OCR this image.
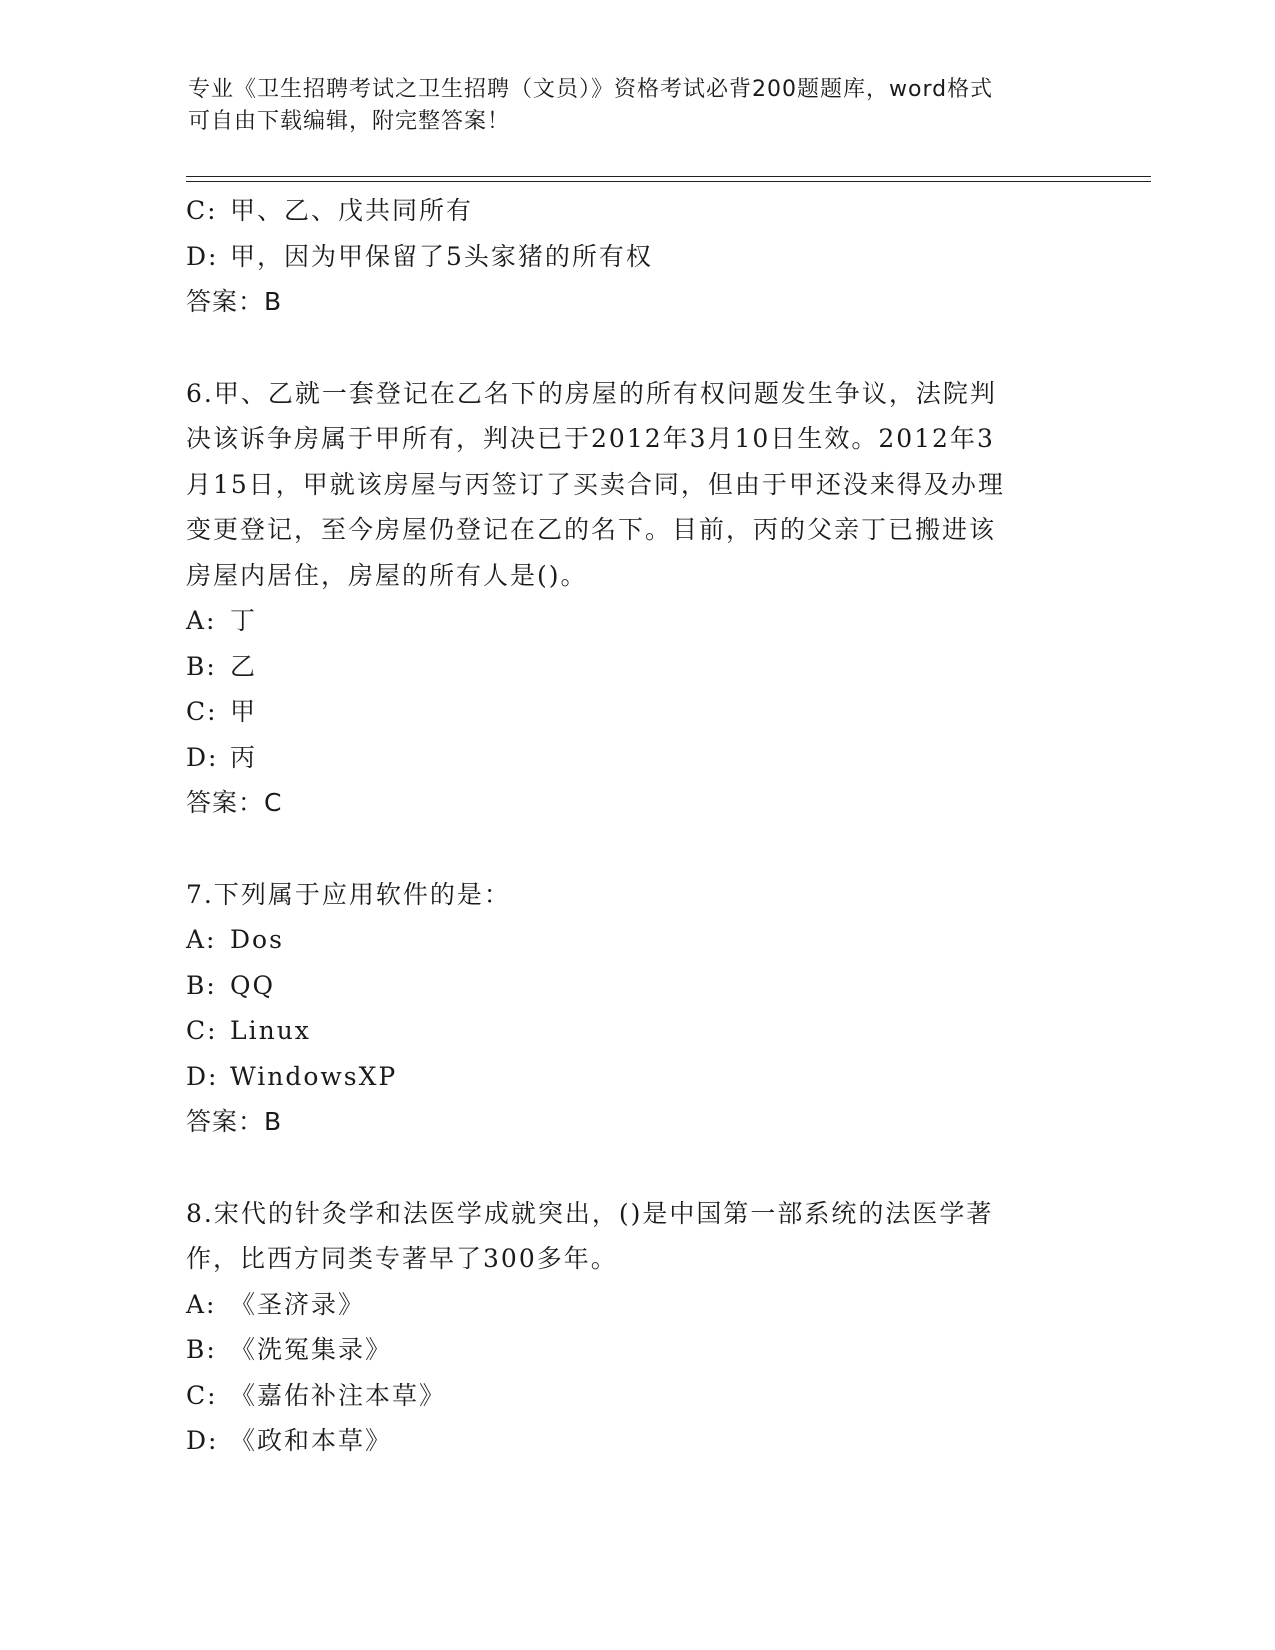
专业《卫生招聘考试之卫生招聘（文员）》资格考试必背200题题库，word格式
可自由下载编辑，附完整答案！
C: 甲、乙、戊共同所有
D: 甲，因为甲保留了5头家猪的所有权
答案：B
6.甲、乙就一套登记在乙名下的房屋的所有权问题发生争议，法院判
决该诉争房属于甲所有，判决已于2012年3月10日生效。2012年3
月15日，甲就该房屋与丙签订了买卖合同，但由于甲还没来得及办理
变更登记，至今房屋仍登记在乙的名下。目前，丙的父亲丁已搬进该
房屋内居住，房屋的所有人是()。
A: 丁
B: 乙
C: 甲
D: 丙
答案：C
7.下列属于应用软件的是：
A: Dos
B: QQ
C: Linux
D: WindowsXP
答案：B
8.宋代的针灸学和法医学成就突出，()是中国第一部系统的法医学著
作，比西方同类专著早了300多年。
A: 《圣济录》
B: 《洗冤集录》
C: 《嘉佑补注本草》
D: 《政和本草》
